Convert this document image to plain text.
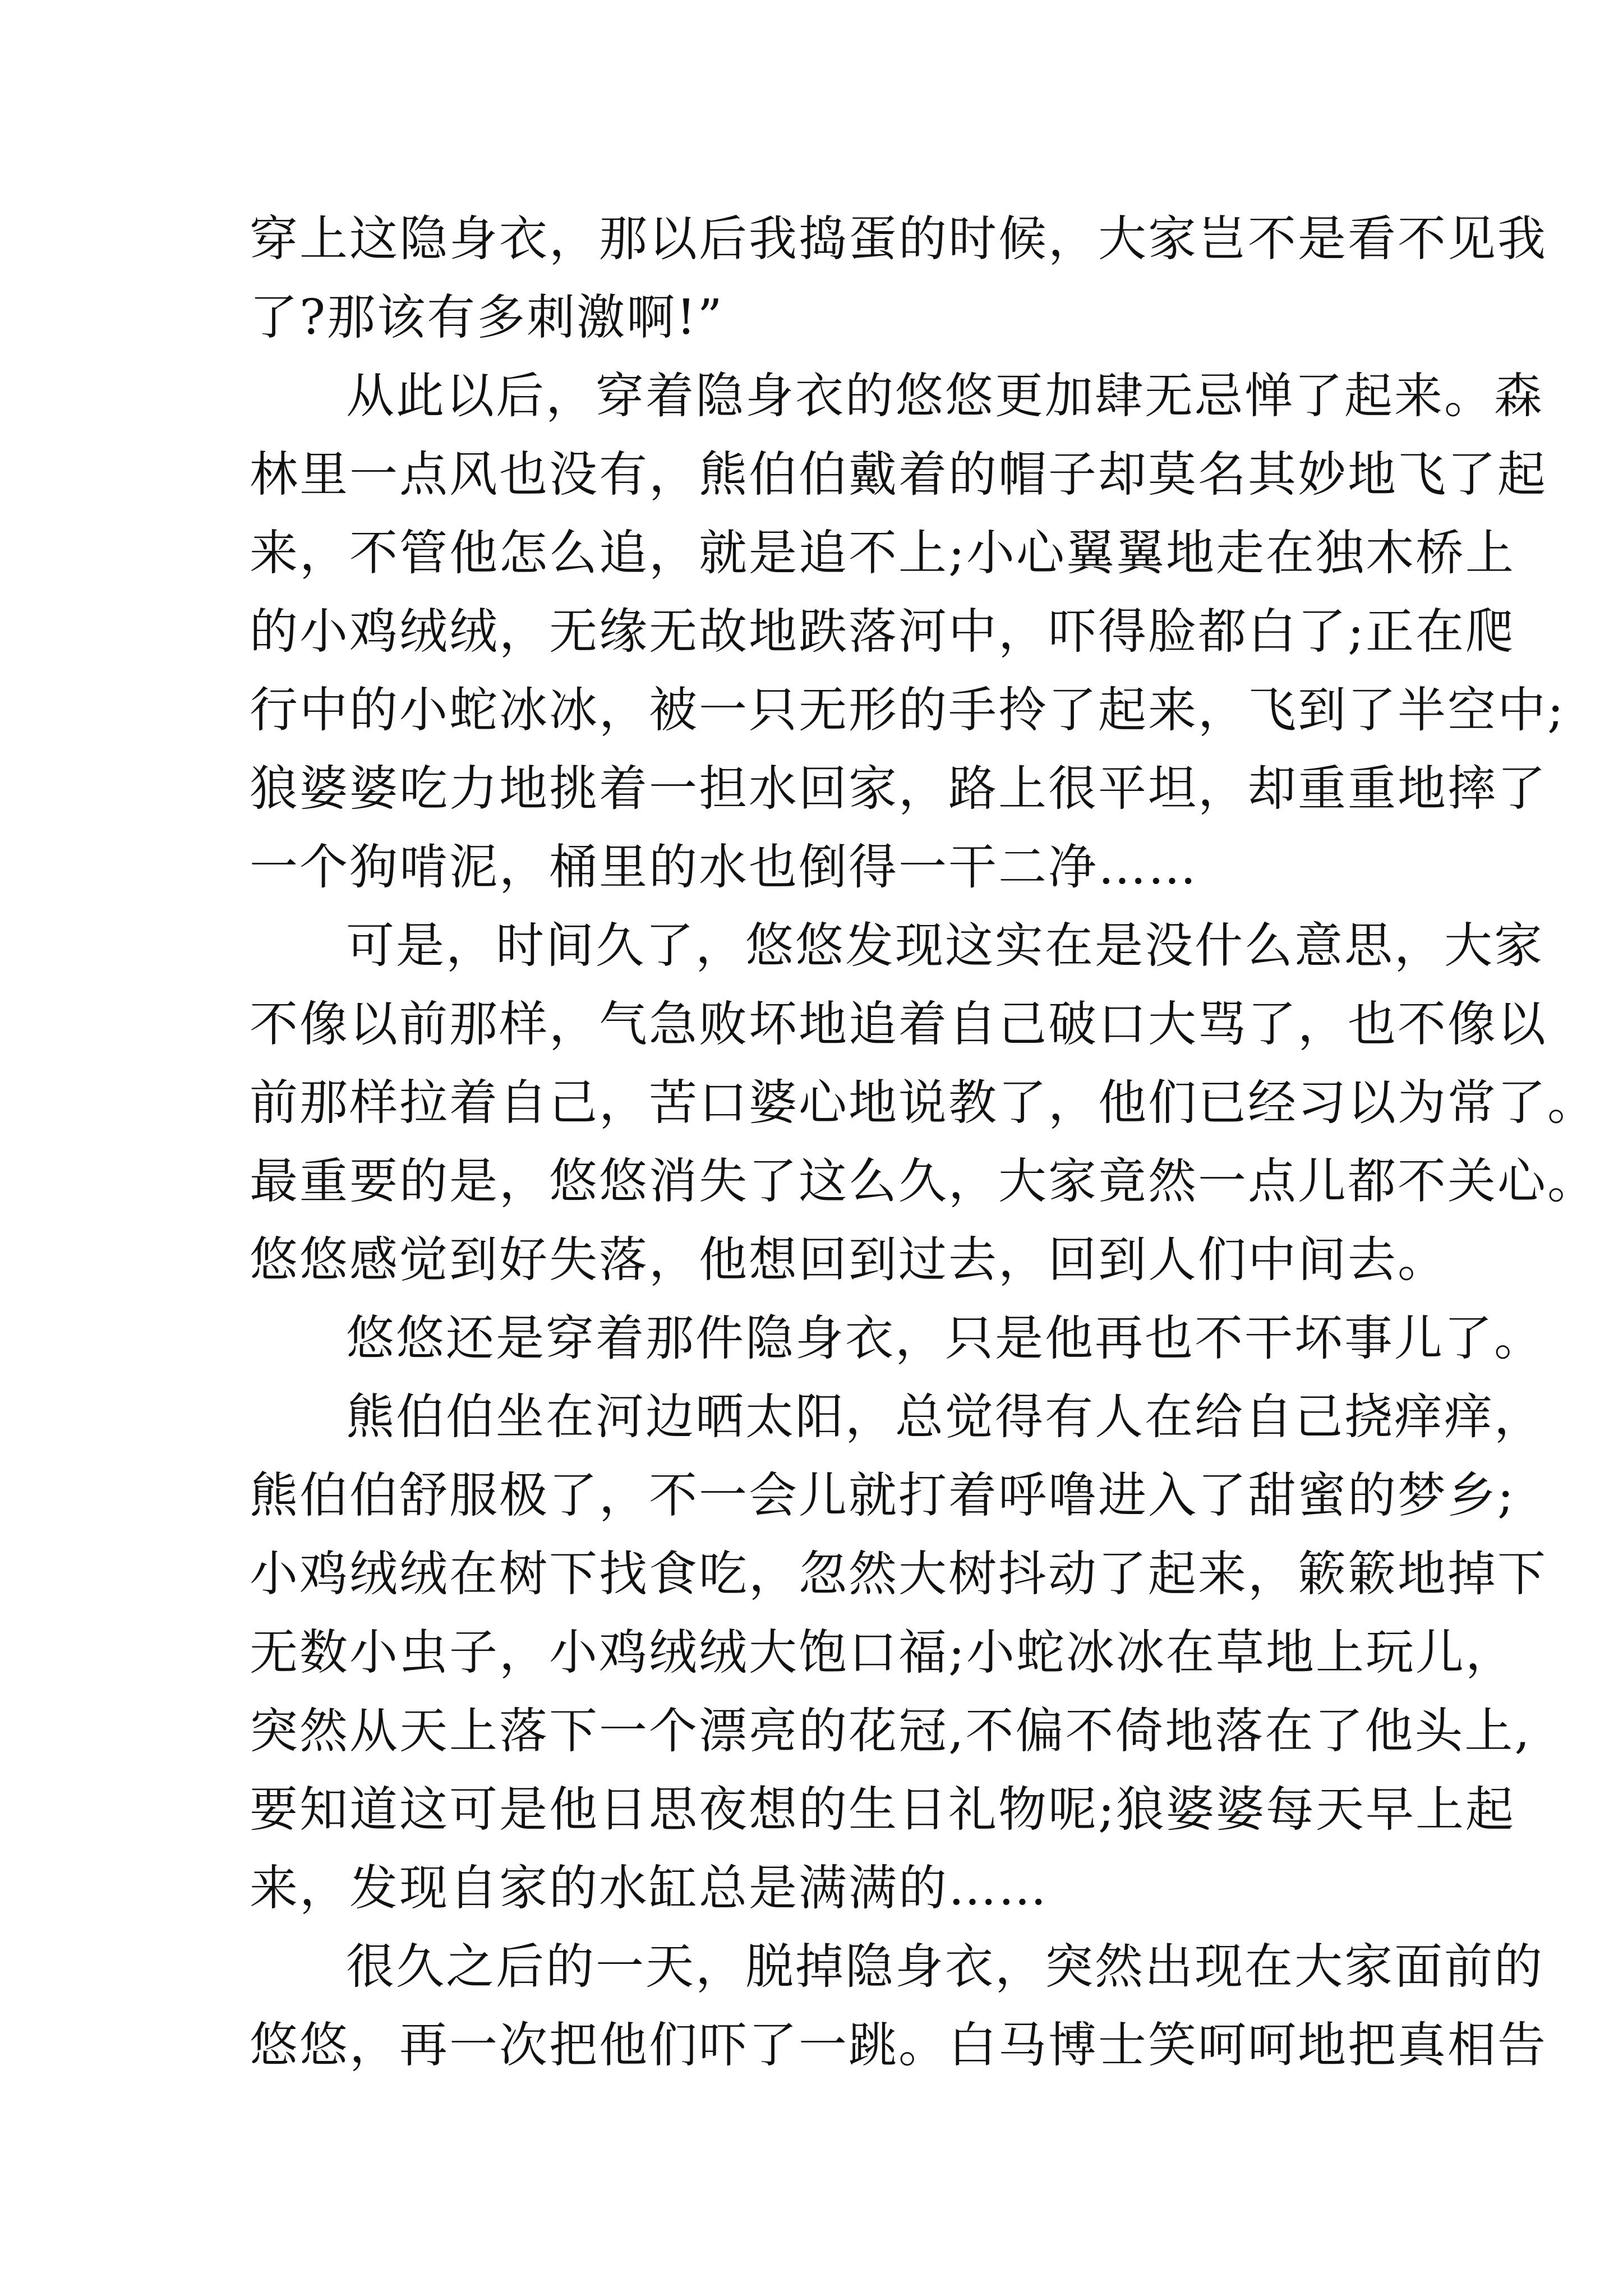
穿上这隐身衣，那以后我捣蛋的时候，大家岂不是看不见我
了?那该有多刺激啊!”
从此以后，穿着隐身衣的悠悠更加肆无忌惮了起来。森
林里一点风也没有，熊伯伯戴着的帽子却莫名其妙地飞了起
来，不管他怎么追，就是追不上;小心翼翼地走在独木桥上
的小鸡绒绒，无缘无故地跌落河中，吓得脸都白了;正在爬
行中的小蛇冰冰，被一只无形的手拎了起来，飞到了半空中;
狼婆婆吃力地挑着一担水回家，路上很平坦，却重重地摔了
一个狗啃泥，桶里的水也倒得一干二净……
可是，时间久了，悠悠发现这实在是没什么意思，大家
不像以前那样，气急败坏地追着自己破口大骂了，也不像以
前那样拉着自己，苦口婆心地说教了，他们已经习以为常了。
最重要的是，悠悠消失了这么久，大家竟然一点儿都不关心。
悠悠感觉到好失落，他想回到过去，回到人们中间去。
悠悠还是穿着那件隐身衣，只是他再也不干坏事儿了。
熊伯伯坐在河边晒太阳，总觉得有人在给自己挠痒痒，
熊伯伯舒服极了，不一会儿就打着呼噜进入了甜蜜的梦乡;
小鸡绒绒在树下找食吃，忽然大树抖动了起来，簌簌地掉下
无数小虫子，小鸡绒绒大饱口福;小蛇冰冰在草地上玩儿，
突然从天上落下一个漂亮的花冠,不偏不倚地落在了他头上,
要知道这可是他日思夜想的生日礼物呢;狼婆婆每天早上起
来，发现自家的水缸总是满满的……
很久之后的一天，脱掉隐身衣，突然出现在大家面前的
悠悠，再一次把他们吓了一跳。白马博士笑呵呵地把真相告
